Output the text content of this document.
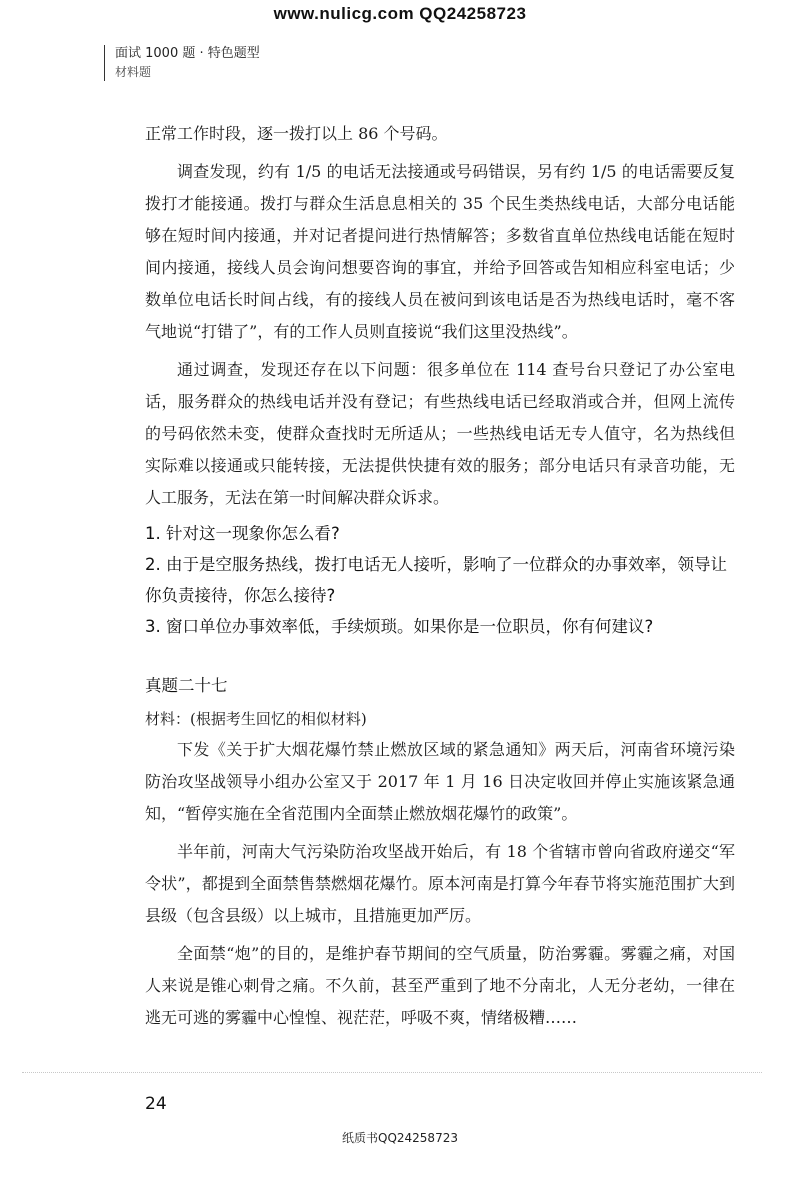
www.nulicg.com QQ24258723
面试 1000 题 · 特色题型
材料题

正常工作时段，逐一拨打以上 86 个号码。

调查发现，约有 1/5 的电话无法接通或号码错误，另有约 1/5 的电话需要反复拨打才能接通。拨打与群众生活息息相关的 35 个民生类热线电话，大部分电话能够在短时间内接通，并对记者提问进行热情解答；多数省直单位热线电话能在短时间内接通，接线人员会询问想要咨询的事宜，并给予回答或告知相应科室电话；少数单位电话长时间占线，有的接线人员在被问到该电话是否为热线电话时，毫不客气地说“打错了”，有的工作人员则直接说“我们这里没热线”。

通过调查，发现还存在以下问题：很多单位在 114 查号台只登记了办公室电话，服务群众的热线电话并没有登记；有些热线电话已经取消或合并，但网上流传的号码依然未变，使群众查找时无所适从；一些热线电话无专人值守，名为热线但实际难以接通或只能转接，无法提供快捷有效的服务；部分电话只有录音功能，无人工服务，无法在第一时间解决群众诉求。

1. 针对这一现象你怎么看?

2. 由于是空服务热线，拨打电话无人接听，影响了一位群众的办事效率，领导让你负责接待，你怎么接待?

3. 窗口单位办事效率低，手续烦琐。如果你是一位职员，你有何建议?

真题二十七

材料：(根据考生回忆的相似材料)

下发《关于扩大烟花爆竹禁止燃放区域的紧急通知》两天后，河南省环境污染防治攻坚战领导小组办公室又于 2017 年 1 月 16 日决定收回并停止实施该紧急通知，“暂停实施在全省范围内全面禁止燃放烟花爆竹的政策”。

半年前，河南大气污染防治攻坚战开始后，有 18 个省辖市曾向省政府递交“军令状”，都提到全面禁售禁燃烟花爆竹。原本河南是打算今年春节将实施范围扩大到县级（包含县级）以上城市，且措施更加严厉。

全面禁“炮”的目的，是维护春节期间的空气质量，防治雾霾。雾霾之痛，对国人来说是锥心刺骨之痛。不久前，甚至严重到了地不分南北，人无分老幼，一律在逃无可逃的雾霾中心惶惶、视茫茫，呼吸不爽，情绪极糟……

24
纸质书QQ24258723
